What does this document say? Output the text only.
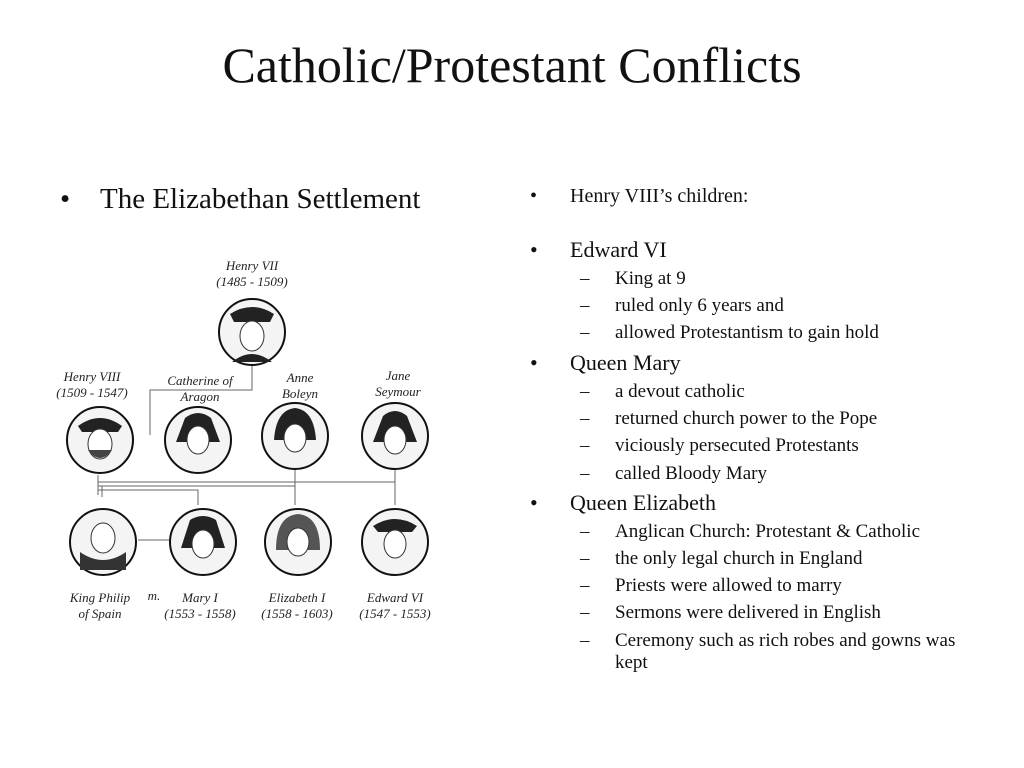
Catholic/Protestant Conflicts
• The Elizabethan Settlement
Henry VII
(1485 - 1509)
Henry VIII
(1509 - 1547)
Catherine of
Aragon
Anne
Boleyn
Jane
Seymour
King Philip
of Spain
m. Mary I
(1553 - 1558)
Elizabeth I
(1558 - 1603)
Edward VI
(1547 - 1553)
• Henry VIII’s children:
• Edward VI
–	King at 9
–	ruled only 6 years and
–	allowed Protestantism to gain hold
• Queen Mary
–	a devout catholic
–	returned church power to the Pope
–	viciously persecuted Protestants
–	called Bloody Mary
• Queen Elizabeth
–	Anglican Church: Protestant & Catholic
–	the only legal church in England
–	Priests were allowed to marry
–	Sermons were delivered in English
–	Ceremony such as rich robes and gowns was kept
